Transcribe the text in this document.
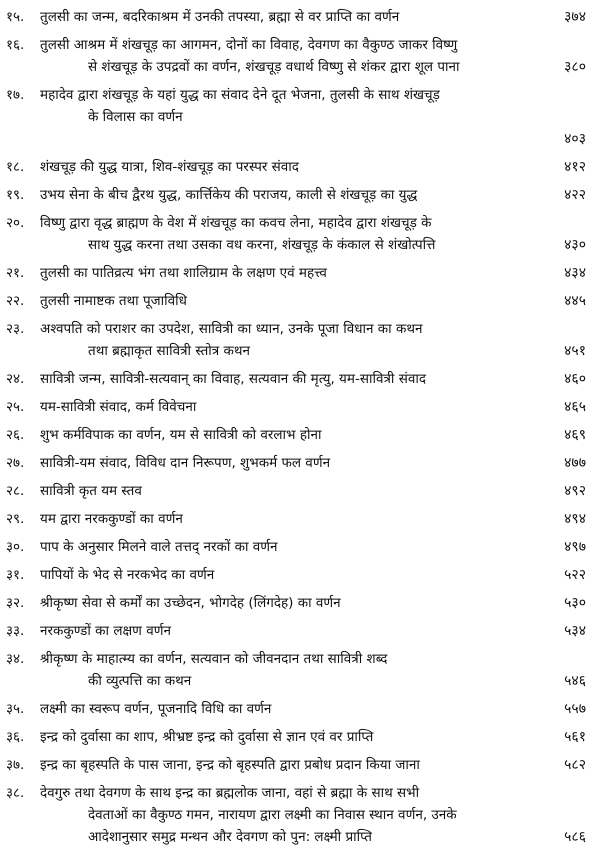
१५.	तुलसी का जन्म, बदरिकाश्रम में उनकी तपस्या, ब्रह्मा से वर प्राप्ति का वर्णन	३७४
१६.	तुलसी आश्रम में शंखचूड़ का आगमन, दोनों का विवाह, देवगण का वैकुण्ठ जाकर विष्णु
से शंखचूड़ के उपद्रवों का वर्णन, शंखचूड़ वधार्थ विष्णु से शंकर द्वारा शूल पाना	३८०
१७.	महादेव द्वारा शंखचूड़ के यहां युद्ध का संवाद देने दूत भेजना, तुलसी के साथ शंखचूड़
के विलास का वर्णन
४०३
१८.	शंखचूड़ की युद्ध यात्रा, शिव-शंखचूड़ का परस्पर संवाद	४१२
१९.	उभय सेना के बीच द्वैरथ युद्ध, कार्त्तिकेय की पराजय, काली से शंखचूड़ का युद्ध	४२२
२०.	विष्णु द्वारा वृद्ध ब्राह्मण के वेश में शंखचूड़ का कवच लेना, महादेव द्वारा शंखचूड़ के
साथ युद्ध करना तथा उसका वध करना, शंखचूड़ के कंकाल से शंखोत्पत्ति	४३०
२१.	तुलसी का पातिव्रत्य भंग तथा शालिग्राम के लक्षण एवं महत्त्व	४३४
२२.	तुलसी नामाष्टक तथा पूजाविधि	४४५
२३.	अश्वपति को पराशर का उपदेश, सावित्री का ध्यान, उनके पूजा विधान का कथन
तथा ब्रह्माकृत सावित्री स्तोत्र कथन	४५१
२४.	सावित्री जन्म, सावित्री-सत्यवान् का विवाह, सत्यवान की मृत्यु, यम-सावित्री संवाद	४६०
२५.	यम-सावित्री संवाद, कर्म विवेचना	४६५
२६.	शुभ कर्मविपाक का वर्णन, यम से सावित्री को वरलाभ होना	४६९
२७.	सावित्री-यम संवाद, विविध दान निरूपण, शुभकर्म फल वर्णन	४७७
२८.	सावित्री कृत यम स्तव	४९२
२९.	यम द्वारा नरककुण्डों का वर्णन	४९४
३०.	पाप के अनुसार मिलने वाले तत्तद् नरकों का वर्णन	४९७
३१.	पापियों के भेद से नरकभेद का वर्णन	५२२
३२.	श्रीकृष्ण सेवा से कर्मों का उच्छेदन, भोगदेह (लिंगदेह) का वर्णन	५३०
३३.	नरककुण्डों का लक्षण वर्णन	५३४
३४.	श्रीकृष्ण के माहात्म्य का वर्णन, सत्यवान को जीवनदान तथा सावित्री शब्द
की व्युत्पत्ति का कथन	५४६
३५.	लक्ष्मी का स्वरूप वर्णन, पूजनादि विधि का वर्णन	५५७
३६.	इन्द्र को दुर्वासा का शाप, श्रीभ्रष्ट इन्द्र को दुर्वासा से ज्ञान एवं वर प्राप्ति	५६१
३७.	इन्द्र का बृहस्पति के पास जाना, इन्द्र को बृहस्पति द्वारा प्रबोध प्रदान किया जाना	५८२
३८.	देवगुरु तथा देवगण के साथ इन्द्र का ब्रह्मलोक जाना, वहां से ब्रह्मा के साथ सभी
देवताओं का वैकुण्ठ गमन, नारायण द्वारा लक्ष्मी का निवास स्थान वर्णन, उनके
आदेशानुसार समुद्र मन्थन और देवगण को पुन: लक्ष्मी प्राप्ति	५८६
